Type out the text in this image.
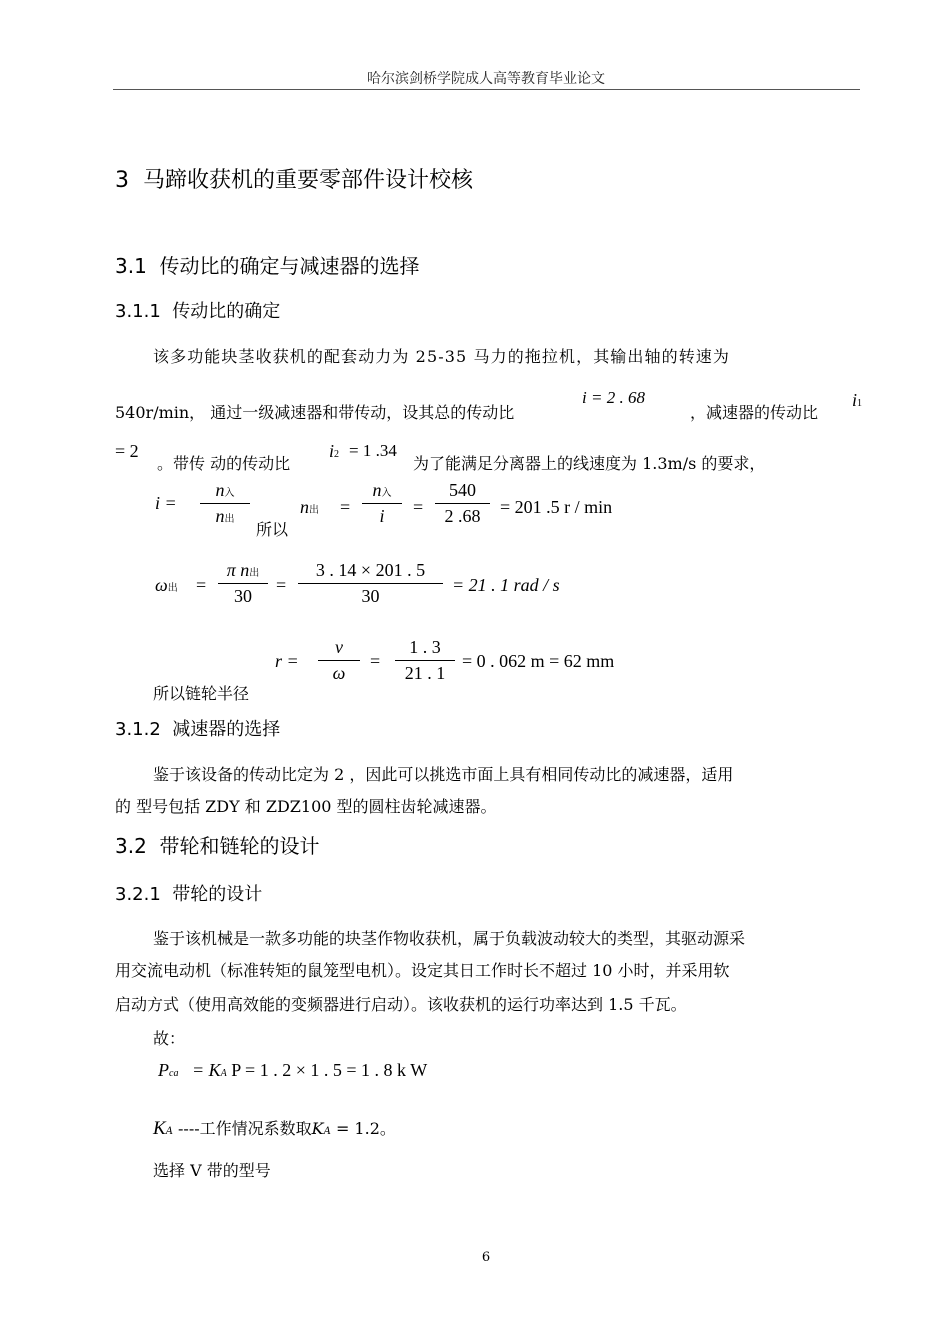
哈尔滨剑桥学院成人高等教育毕业论文
3 马蹄收获机的重要零部件设计校核
3.1 传动比的确定与减速器的选择
3.1.1 传动比的确定
该多功能块茎收获机的配套动力为 25-35 马力的拖拉机，其输出轴的转速为
540r/min， 通过一级减速器和带传动，设其总的传动比
i = 2 . 68
，减速器的传动比
i1
= 2
。带传 动的传动比
i2 = 1 .34
为了能满足分离器上的线速度为 1.3m/s 的要求，
i =
n入
n出
所以
n出 =
n入
i	=
540
2 .68	= 201 .5 r / min
ω出 =
π n出
30
=
3 . 14 × 201 . 5
30
= 21 . 1 rad / s
所以链轮半径
r =
v
ω
=
1 . 3
21 . 1
= 0 . 062 m = 62 mm
3.1.2 减速器的选择
鉴于该设备的传动比定为 2 ，因此可以挑选市面上具有相同传动比的减速器，适用
的 型号包括 ZDY 和 ZDZ100 型的圆柱齿轮减速器。
3.2 带轮和链轮的设计
3.2.1 带轮的设计
鉴于该机械是一款多功能的块茎作物收获机，属于负载波动较大的类型，其驱动源采
用交流电动机（标准转矩的鼠笼型电机）。设定其日工作时长不超过 10 小时，并采用软
启动方式（使用高效能的变频器进行启动）。该收获机的运行功率达到 1.5 千瓦。
故：
Pca = KA P = 1 . 2 × 1 . 5 = 1 . 8 k W
KA ----工作情况系数取KA = 1.2。
选择 V 带的型号
6
